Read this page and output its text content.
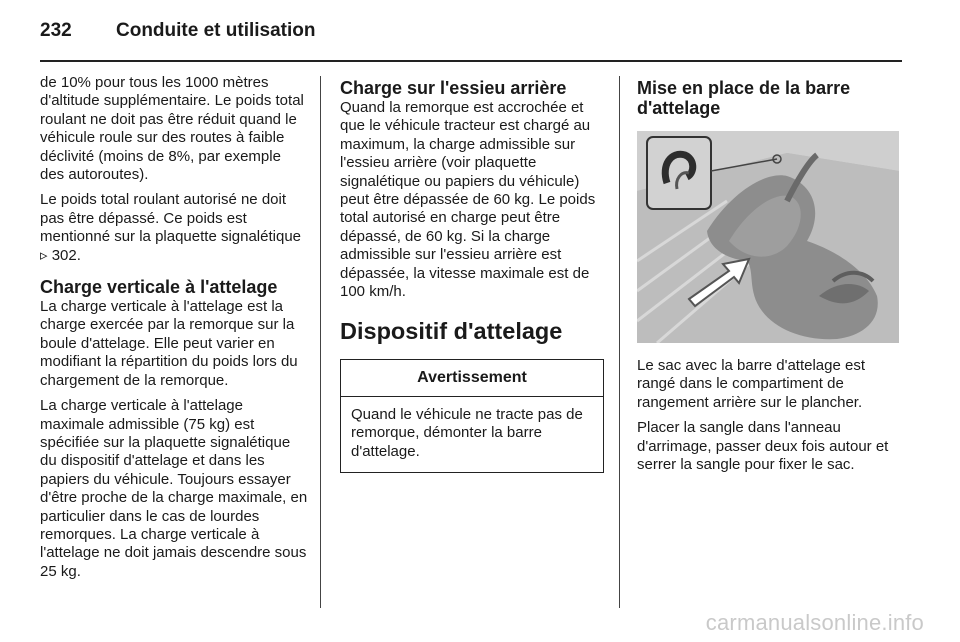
232	Conduite et utilisation

de 10% pour tous les 1000 mètres d'altitude supplémentaire. Le poids total roulant ne doit pas être réduit quand le véhicule roule sur des routes à faible déclivité (moins de 8%, par exemple des autoroutes).

Le poids total roulant autorisé ne doit pas être dépassé. Ce poids est mentionné sur la plaquette signalétique
▹ 302.

Charge verticale à l'attelage

La charge verticale à l'attelage est la charge exercée par la remorque sur la boule d'attelage. Elle peut varier en modifiant la répartition du poids lors du chargement de la remorque.

La charge verticale à l'attelage maximale admissible (75 kg) est spécifiée sur la plaquette signalétique du dispositif d'attelage et dans les papiers du véhicule. Toujours essayer d'être proche de la charge maximale, en particulier dans le cas de lourdes remorques. La charge verticale à l'attelage ne doit jamais descendre sous 25 kg.

Charge sur l'essieu arrière

Quand la remorque est accrochée et que le véhicule tracteur est chargé au maximum, la charge admissible sur l'essieu arrière (voir plaquette signalétique ou papiers du véhicule) peut être dépassée de 60 kg. Le poids total autorisé en charge peut être dépassé, de 60 kg. Si la charge admissible sur l'essieu arrière est dépassée, la vitesse maximale est de 100 km/h.

Dispositif d'attelage
Avertissement
Quand le véhicule ne tracte pas de remorque, démonter la barre d'attelage.
Mise en place de la barre d'attelage

Le sac avec la barre d'attelage est rangé dans le compartiment de rangement arrière sur le plancher.

Placer la sangle dans l'anneau d'arrimage, passer deux fois autour et serrer la sangle pour fixer le sac.

carmanualsonline.info
